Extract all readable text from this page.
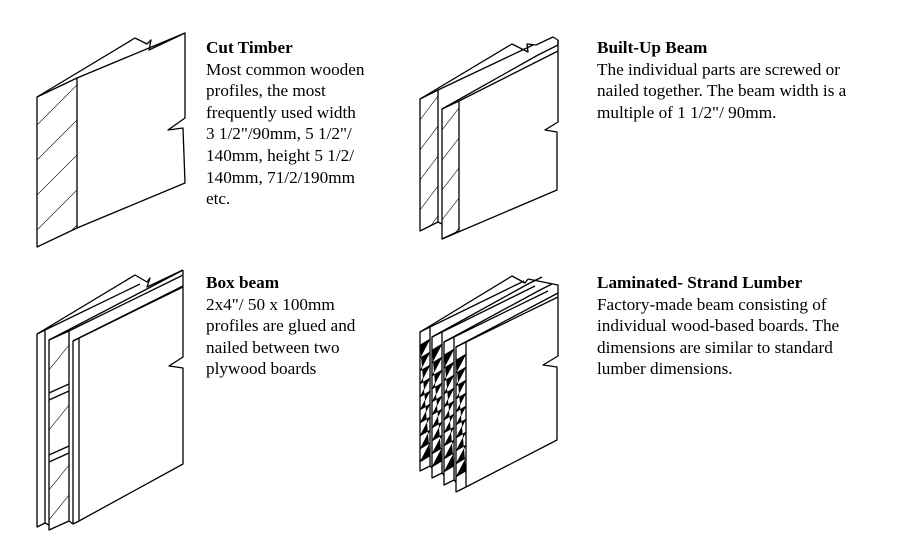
Cut Timber
Most common wooden
profiles, the most
frequently used width
3 1/2"/90mm, 5 1/2"/
140mm, height 5 1/2/
140mm, 71/2/190mm
etc.
Built-Up Beam
The individual parts are screwed or
nailed together. The beam width is a
multiple of 1 1/2"/ 90mm.
Box beam
2x4"/ 50 x 100mm
profiles are glued and
nailed between two
plywood boards
Laminated- Strand Lumber
Factory-made beam consisting of
individual wood-based boards. The
dimensions are similar to standard
lumber dimensions.
